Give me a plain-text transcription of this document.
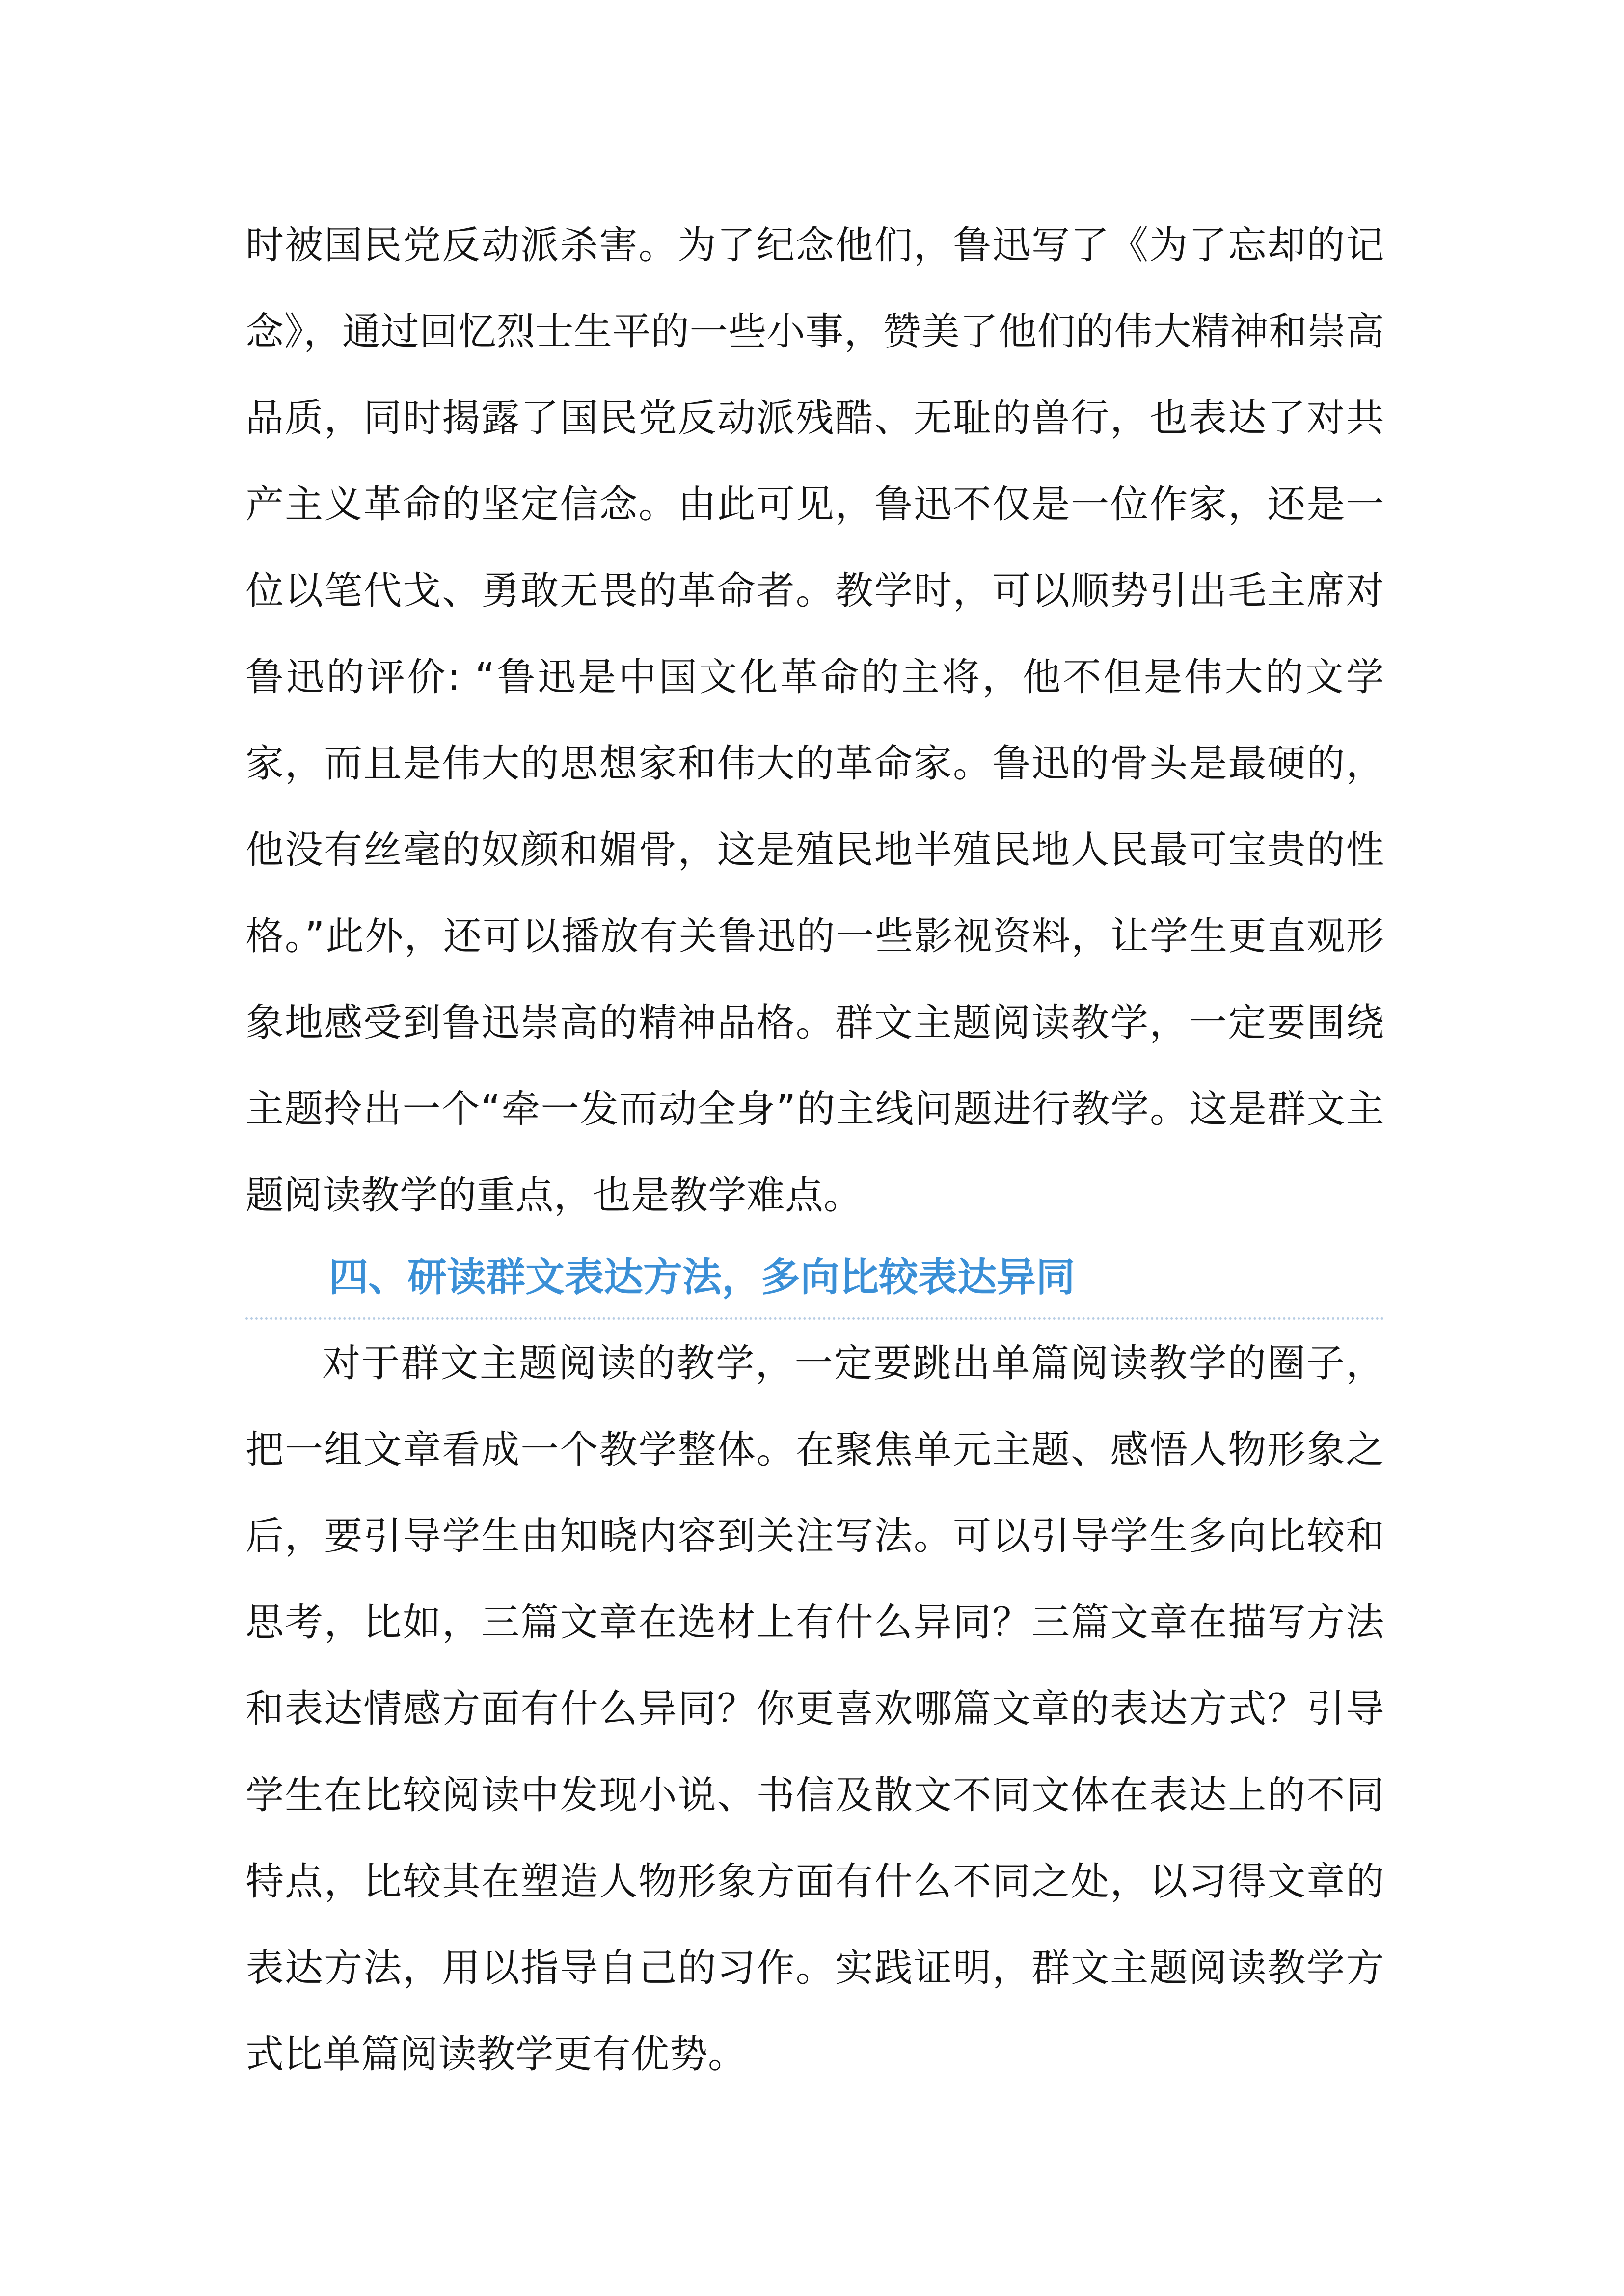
时被国民党反动派杀害。为了纪念他们，鲁迅写了《为了忘却的记念》，通过回忆烈士生平的一些小事，赞美了他们的伟大精神和崇高品质，同时揭露了国民党反动派残酷、无耻的兽行，也表达了对共产主义革命的坚定信念。由此可见，鲁迅不仅是一位作家，还是一位以笔代戈、勇敢无畏的革命者。教学时，可以顺势引出毛主席对鲁迅的评价: “鲁迅是中国文化革命的主将，他不但是伟大的文学家，而且是伟大的思想家和伟大的革命家。鲁迅的骨头是最硬的，他没有丝毫的奴颜和媚骨，这是殖民地半殖民地人民最可宝贵的性格。”此外，还可以播放有关鲁迅的一些影视资料，让学生更直观形象地感受到鲁迅崇高的精神品格。群文主题阅读教学，一定要围绕主题拎出一个“牵一发而动全身”的主线问题进行教学。这是群文主题阅读教学的重点，也是教学难点。

四、研读群文表达方法，多向比较表达异同

对于群文主题阅读的教学，一定要跳出单篇阅读教学的圈子，把一组文章看成一个教学整体。在聚焦单元主题、感悟人物形象之后，要引导学生由知晓内容到关注写法。可以引导学生多向比较和思考，比如，三篇文章在选材上有什么异同？三篇文章在描写方法和表达情感方面有什么异同？你更喜欢哪篇文章的表达方式？引导学生在比较阅读中发现小说、书信及散文不同文体在表达上的不同特点，比较其在塑造人物形象方面有什么不同之处，以习得文章的表达方法，用以指导自己的习作。实践证明，群文主题阅读教学方式比单篇阅读教学更有优势。
